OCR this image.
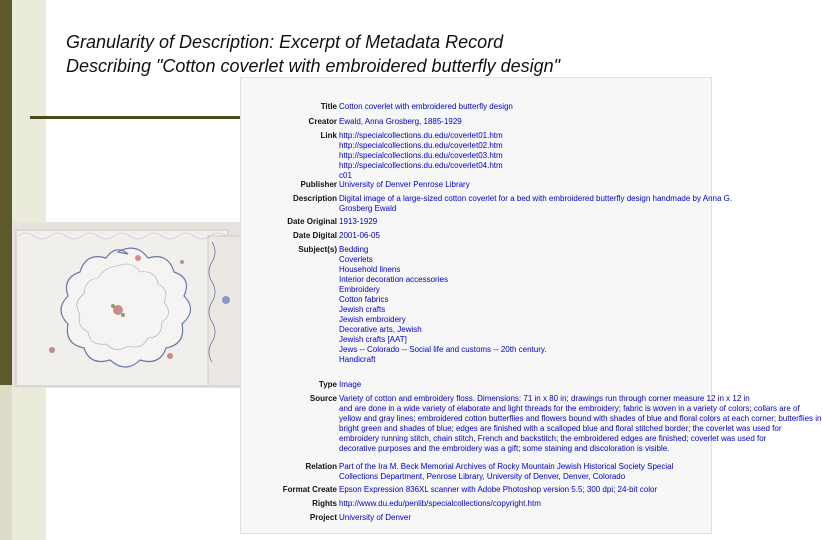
Granularity of Description: Excerpt of Metadata Record
Describing "Cotton coverlet with embroidered butterfly design"
Title Cotton coverlet with embroidered butterfly design
Creator Ewald, Anna Grosberg, 1885-1929
Link http://specialcollections.du.edu/coverlet01.htm
http://specialcollections.du.edu/coverlet02.htm
http://specialcollections.du.edu/coverlet03.htm
http://specialcollections.du.edu/coverlet04.htm
c01
Publisher University of Denver Penrose Library
Description Digital image of a large-sized cotton coverlet for a bed with embroidered butterfly design handmade by Anna G.
Grosberg Ewald
Date Original 1913-1929
Date Digital 2001-06-05
Subject(s) Bedding
Coverlets
Household linens
Interior decoration accessories
Embroidery
Cotton fabrics
Jewish crafts
Jewish embroidery
Decorative arts, Jewish
Jewish crafts [AAT]
Jews -- Colorado -- Social life and customs -- 20th century.
Handicraft
Type Image
Source Variety of cotton and embroidery floss. Dimensions: 71 in x 80 in; drawings run through corner measure 12 in x 12 in
and are done in a wide variety of elaborate and light threads for the embroidery; fabric is woven in a variety of colors; collars are of
yellow and gray lines; embroidered cotton butterflies and flowers bound with shades of blue and floral colors at each corner; butterflies in
bright green and shades of blue; edges are finished with a scalloped blue and floral stitched border; the coverlet was used for
embroidery running stitch, chain stitch, French and backstitch; the embroidered edges are finished; coverlet was used for
decorative purposes and the embroidery was a gift; some staining and discoloration is visible.
Relation Part of the Ira M. Beck Memorial Archives of Rocky Mountain Jewish Historical Society Special
Collections Department, Penrose Library, University of Denver, Denver, Colorado
Format Create Epson Expression 836XL scanner with Adobe Photoshop version 5.5; 300 dpi; 24-bit color
Rights http://www.du.edu/penlib/specialcollections/copyright.htm
Project University of Denver
